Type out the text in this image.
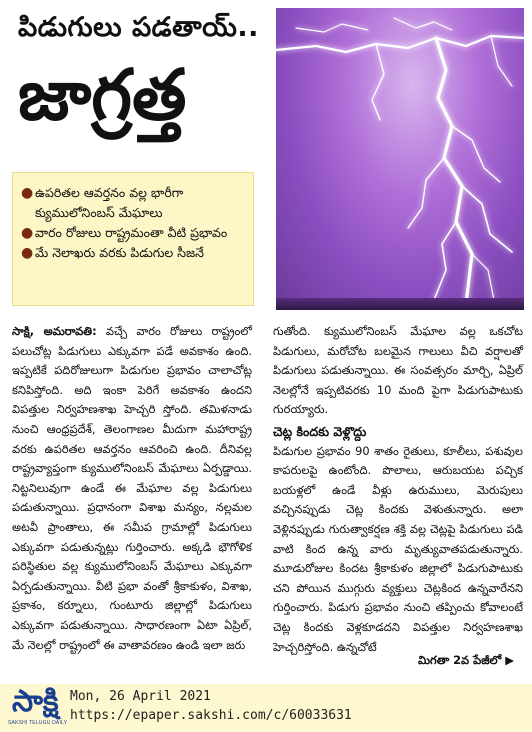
పిడుగులు పడతాయ్..
జాగ్రత్త
● ఉపరితల ఆవర్తనం వల్ల భారీగా క్యుములోనింబస్ మేఘాలు
● వారం రోజులు రాష్ట్రమంతా వీటి ప్రభావం
● మే నెలాఖరు వరకు పిడుగుల సీజనే
సాక్షి, అమరావతి: వచ్చే వారం రోజులు రాష్ట్రంలో పలుచోట్ల పిడుగులు ఎక్కువగా పడే అవకాశం ఉంది. ఇప్పటికే పదిరోజులుగా పిడుగుల ప్రభావం చాలాచోట్ల కనిపిస్తోంది. అది ఇంకా పెరిగే అవకాశం ఉందని విపత్తుల నిర్వహణశాఖ హెచ్చరి స్తోంది. తమిళనాడు నుంచి ఆంధ్రప్రదేశ్, తెలంగాణల మీదుగా మహారాష్ట్ర వరకు ఉపరితల ఆవర్తనం ఆవరించి ఉంది. దీనివల్ల రాష్ట్రవ్యాప్తంగా క్యుములోనింబస్ మేఘాలు ఏర్పడ్డాయి. నిట్టనిలువుగా ఉండే ఈ మేఘాల వల్ల పిడుగులు పడుతున్నాయి. ప్రధానంగా విశాఖ మన్యం, నల్లమల అటవీ ప్రాంతాలు, ఈ సమీప గ్రామాల్లో పిడుగులు ఎక్కువగా పడుతున్నట్లు గుర్తించారు. అక్కడి భౌగోళిక పరిస్థితుల వల్ల క్యుములోనింబస్ మేఘాలు ఎక్కువగా ఏర్పడుతున్నాయి. వీటి ప్రభా వంతో శ్రీకాకుళం, విశాఖ, ప్రకాశం, కర్నూలు, గుంటూరు జిల్లాల్లో పిడుగులు ఎక్కువగా పడుతున్నాయి. సాధారణంగా ఏటా ఏప్రిల్, మే నెలల్లో రాష్ట్రంలో ఈ వాతావరణం ఉండి ఇలా జరు
గుతోంది. క్యుములోనింబస్ మేఘాల వల్ల ఒకచోట పిడుగులు, మరోచోట బలమైన గాలులు వీచి వర్షాలతో పిడుగులు పడుతున్నాయి. ఈ సంవత్సరం మార్చి, ఏప్రిల్ నెలల్లోనే ఇప్పటివరకు 10 మంది పైగా పిడుగుపాటుకు గురయ్యారు.
చెట్ల కిందకు వెళ్లొద్దు
పిడుగుల ప్రభావం 90 శాతం రైతులు, కూలీలు, పశువుల కాపరులపై ఉంటోంది. పొలాలు, ఆరుబయట పచ్చిక బయళ్లలో ఉండే వీళ్లు ఉరుములు, మెరుపులు వచ్చినప్పుడు చెట్ల కిందకు వెళుతున్నారు. అలా వెళ్లినప్పుడు గురుత్వాకర్షణ శక్తి వల్ల చెట్లపై పిడుగులు పడి వాటి కింద ఉన్న వారు మృత్యువాతపడుతున్నారు. మూడురోజుల కిందట శ్రీకాకుళం జిల్లాలో పిడుగుపాటుకు చని పోయిన ముగ్గురు వ్యక్తులు చెట్లకింద ఉన్నవారేనని గుర్తించారు. పిడుగు ప్రభావం నుంచి తప్పించు కోవాలంటే చెట్ల కిందకు వెళ్లకూడదని విపత్తుల నిర్వహణశాఖ హెచ్చరిస్తోంది. ఉన్నచోటే
మిగతా 2వ పేజీలో ▶
సాక్షి
SAKSHI TELUGU DAILY
Mon, 26 April 2021
https://epaper.sakshi.com/c/60033631
